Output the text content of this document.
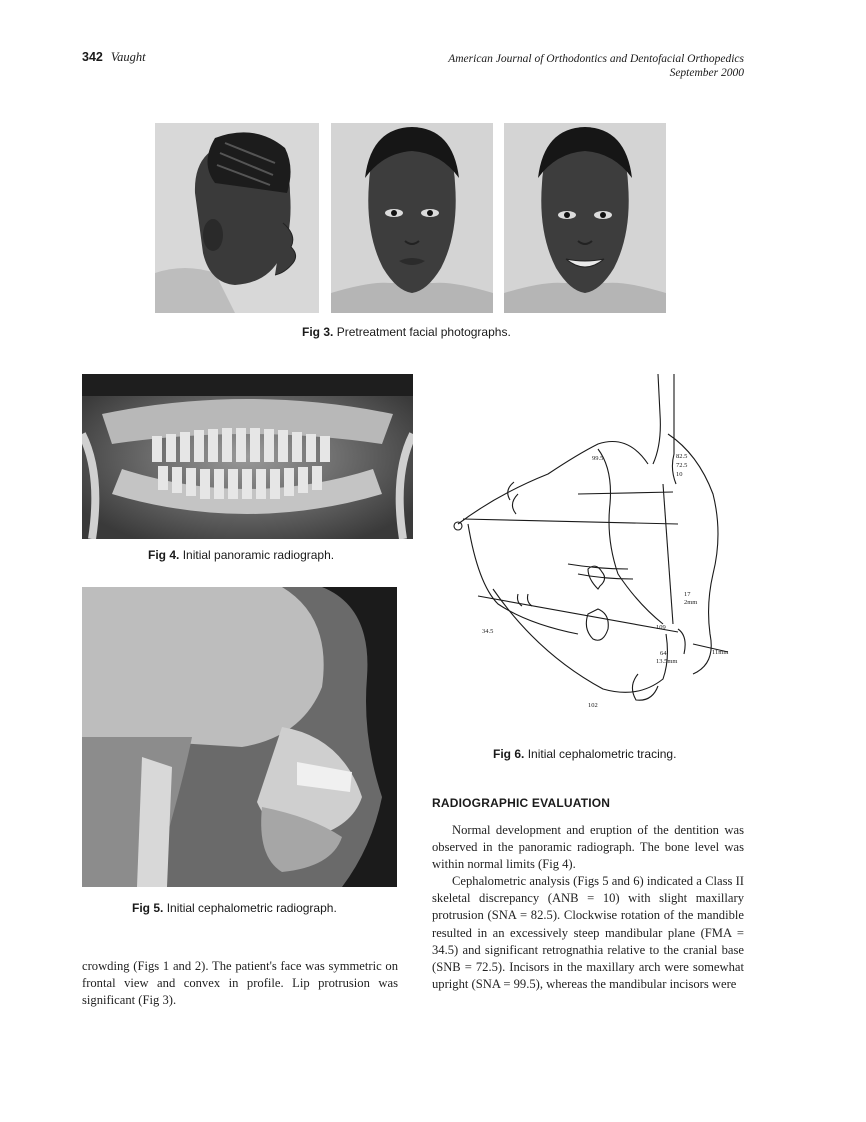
342 Vaught	American Journal of Orthodontics and Dentofacial Orthopedics
September 2000
Fig 3. Pretreatment facial photographs.
Fig 4. Initial panoramic radiograph.
Fig 5. Initial cephalometric radiograph.
99.5	82.5
72.5
10
34.5
17
2mm
109
64
13.5mm
11mm
102
Fig 6. Initial cephalometric tracing.
crowding (Figs 1 and 2). The patient's face was symmetric on frontal view and convex in profile. Lip protrusion was significant (Fig 3).
RADIOGRAPHIC EVALUATION
Normal development and eruption of the dentition was observed in the panoramic radiograph. The bone level was within normal limits (Fig 4).
Cephalometric analysis (Figs 5 and 6) indicated a Class II skeletal discrepancy (ANB = 10) with slight maxillary protrusion (SNA = 82.5). Clockwise rotation of the mandible resulted in an excessively steep mandibular plane (FMA = 34.5) and significant retrognathia relative to the cranial base (SNB = 72.5). Incisors in the maxillary arch were somewhat upright (SNA = 99.5), whereas the mandibular incisors were
